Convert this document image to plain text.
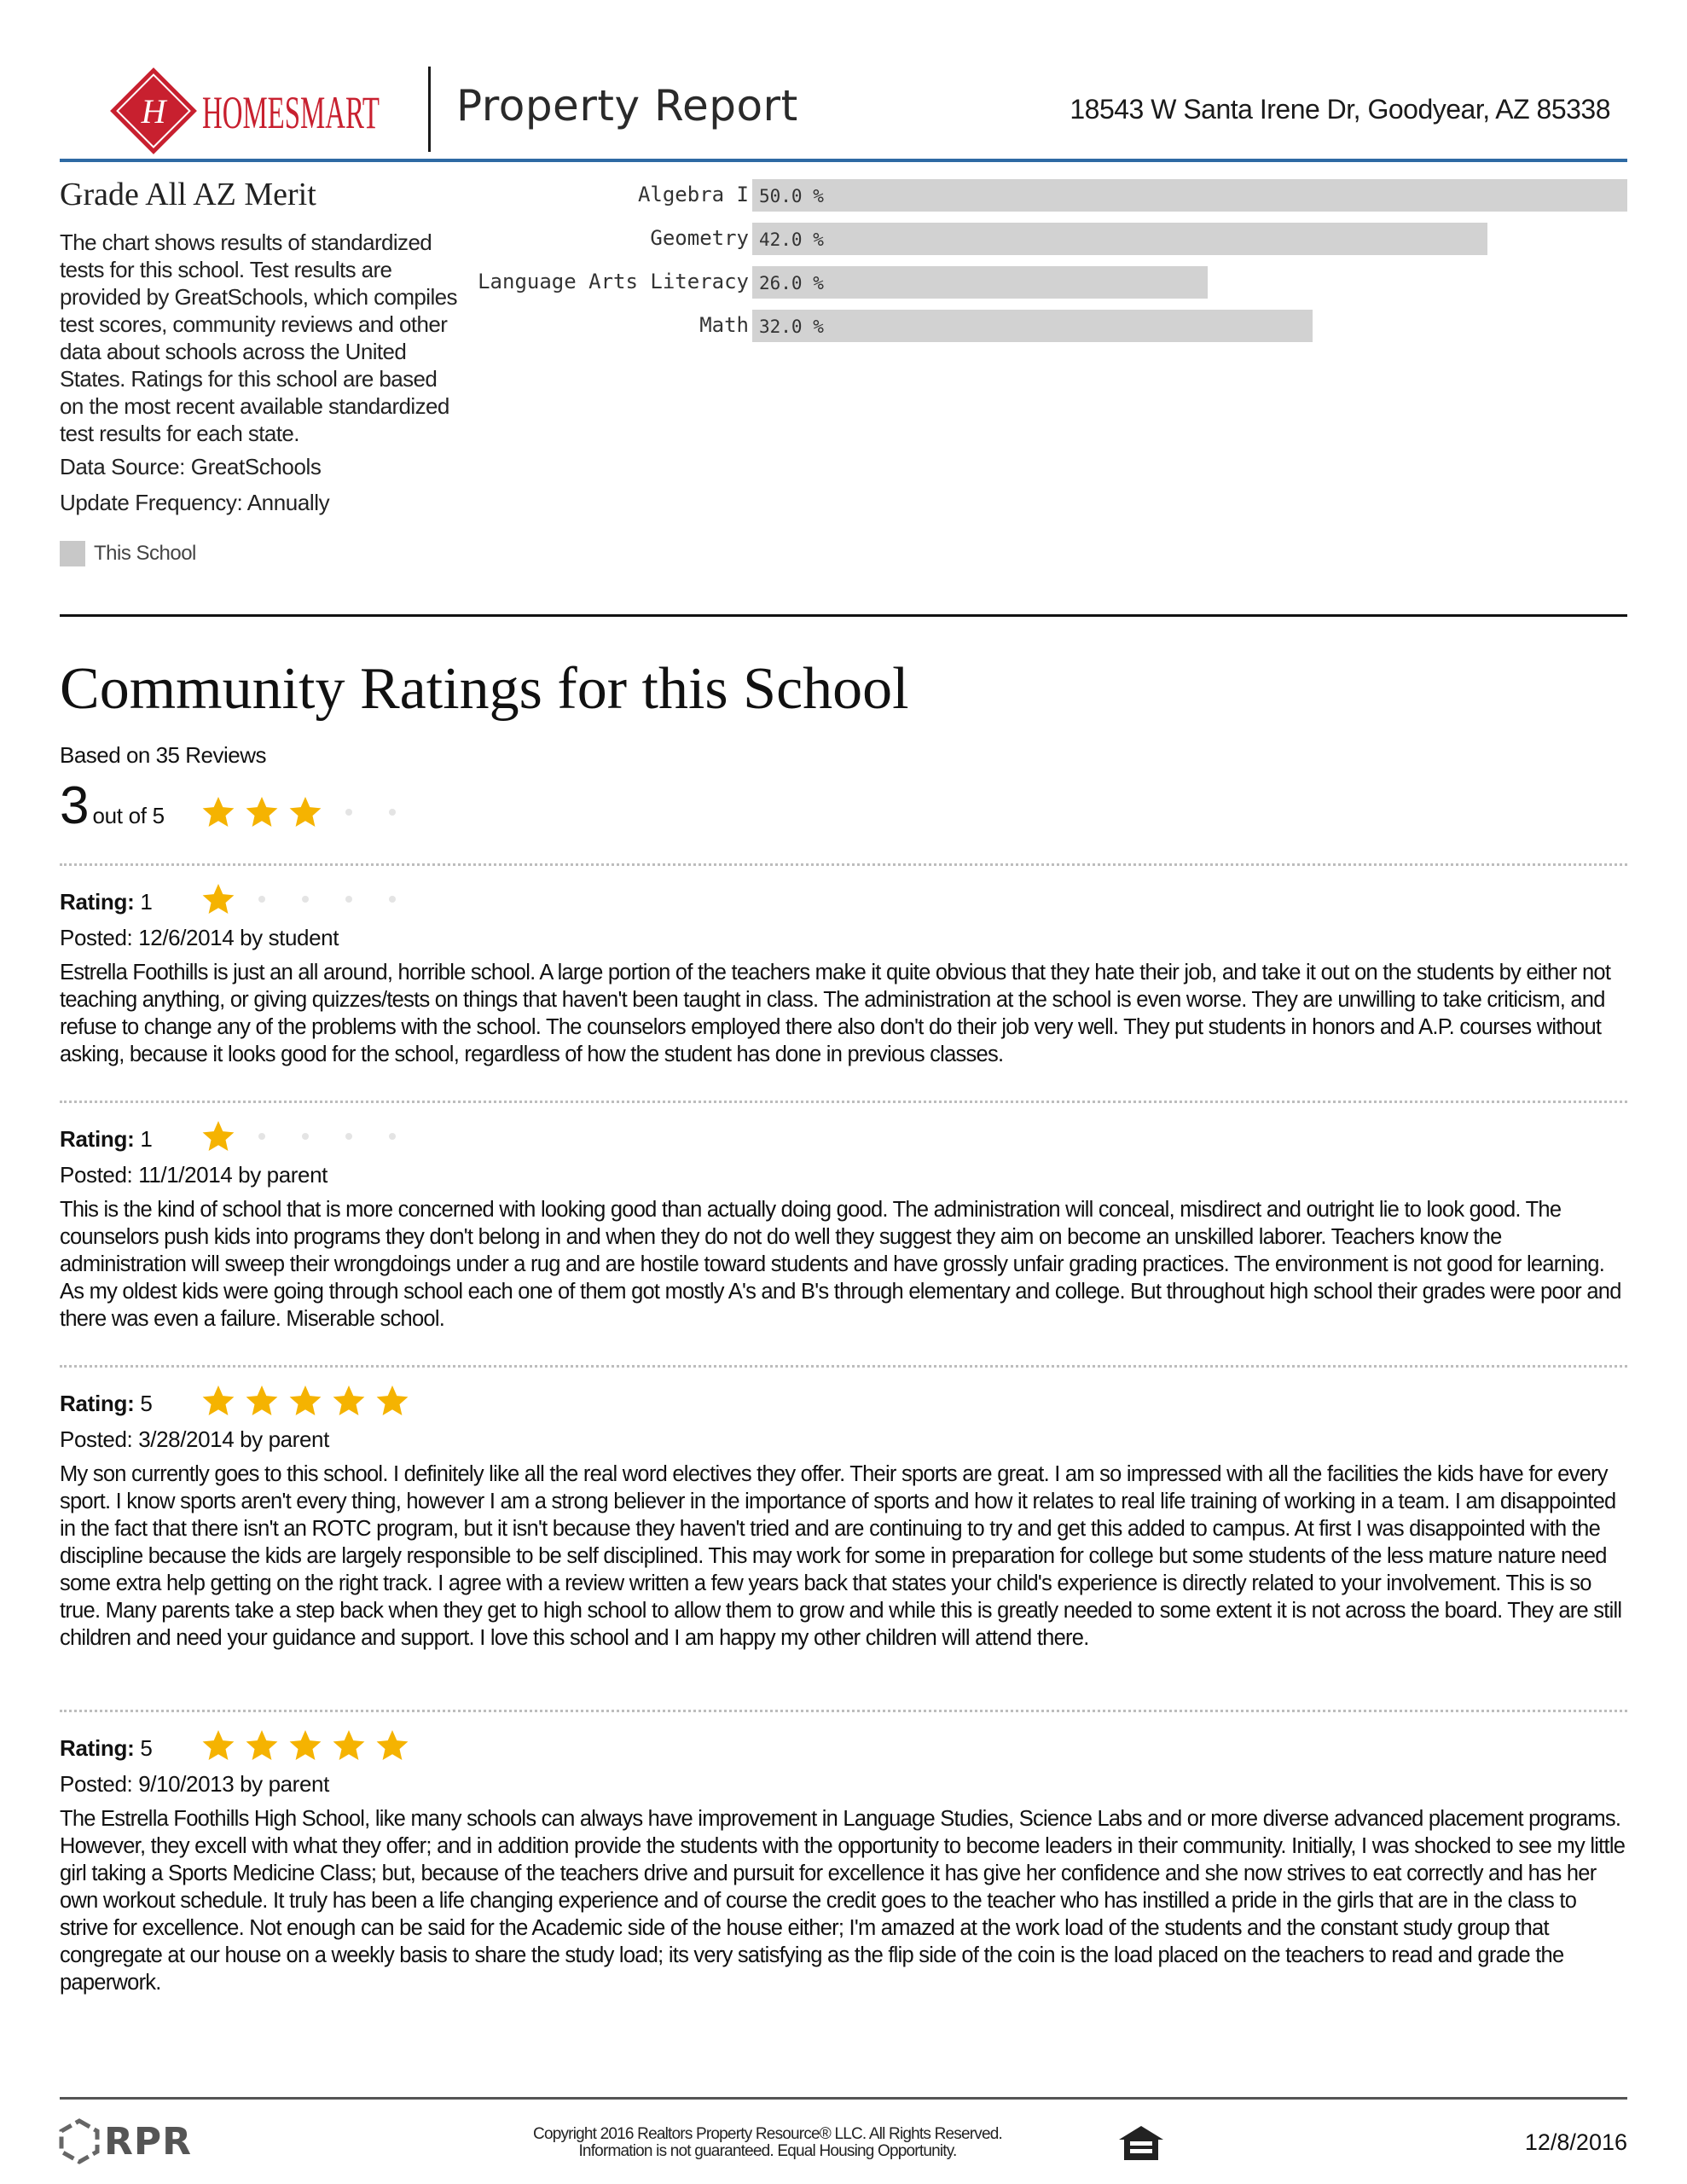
H HOMESMART Property Report	18543 W Santa Irene Dr, Goodyear, AZ 85338
Grade All AZ Merit
The chart shows results of standardized tests for this school. Test results are provided by GreatSchools, which compiles test scores, community reviews and other data about schools across the United States. Ratings for this school are based on the most recent available standardized test results for each state.
Data Source: GreatSchools
Update Frequency: Annually
This School
Algebra I 50.0 %
Geometry 42.0 %
Language Arts Literacy 26.0 %
Math 32.0 %
Community Ratings for this School
Based on 35 Reviews
3 out of 5
Rating: 1
Posted: 12/6/2014 by student
Estrella Foothills is just an all around, horrible school. A large portion of the teachers make it quite obvious that they hate their job, and take it out on the students by either not teaching anything, or giving quizzes/tests on things that haven't been taught in class. The administration at the school is even worse. They are unwilling to take criticism, and refuse to change any of the problems with the school. The counselors employed there also don't do their job very well. They put students in honors and A.P. courses without asking, because it looks good for the school, regardless of how the student has done in previous classes.
Rating: 1
Posted: 11/1/2014 by parent
This is the kind of school that is more concerned with looking good than actually doing good. The administration will conceal, misdirect and outright lie to look good. The counselors push kids into programs they don't belong in and when they do not do well they suggest they aim on become an unskilled laborer. Teachers know the administration will sweep their wrongdoings under a rug and are hostile toward students and have grossly unfair grading practices. The environment is not good for learning. As my oldest kids were going through school each one of them got mostly A's and B's through elementary and college. But throughout high school their grades were poor and there was even a failure. Miserable school.
Rating: 5
Posted: 3/28/2014 by parent
My son currently goes to this school. I definitely like all the real word electives they offer. Their sports are great. I am so impressed with all the facilities the kids have for every sport. I know sports aren't every thing, however I am a strong believer in the importance of sports and how it relates to real life training of working in a team. I am disappointed in the fact that there isn't an ROTC program, but it isn't because they haven't tried and are continuing to try and get this added to campus. At first I was disappointed with the discipline because the kids are largely responsible to be self disciplined. This may work for some in preparation for college but some students of the less mature nature need some extra help getting on the right track. I agree with a review written a few years back that states your child's experience is directly related to your involvement. This is so true. Many parents take a step back when they get to high school to allow them to grow and while this is greatly needed to some extent it is not across the board. They are still children and need your guidance and support. I love this school and I am happy my other children will attend there.
Rating: 5
Posted: 9/10/2013 by parent
The Estrella Foothills High School, like many schools can always have improvement in Language Studies, Science Labs and or more diverse advanced placement programs. However, they excell with what they offer; and in addition provide the students with the opportunity to become leaders in their community. Initially, I was shocked to see my little girl taking a Sports Medicine Class; but, because of the teachers drive and pursuit for excellence it has give her confidence and she now strives to eat correctly and has her own workout schedule. It truly has been a life changing experience and of course the credit goes to the teacher who has instilled a pride in the girls that are in the class to strive for excellence. Not enough can be said for the Academic side of the house either; I'm amazed at the work load of the students and the constant study group that congregate at our house on a weekly basis to share the study load; its very satisfying as the flip side of the coin is the load placed on the teachers to read and grade the paperwork.
RPR	Copyright 2016 Realtors Property Resource® LLC. All Rights Reserved.
Information is not guaranteed. Equal Housing Opportunity.	12/8/2016
